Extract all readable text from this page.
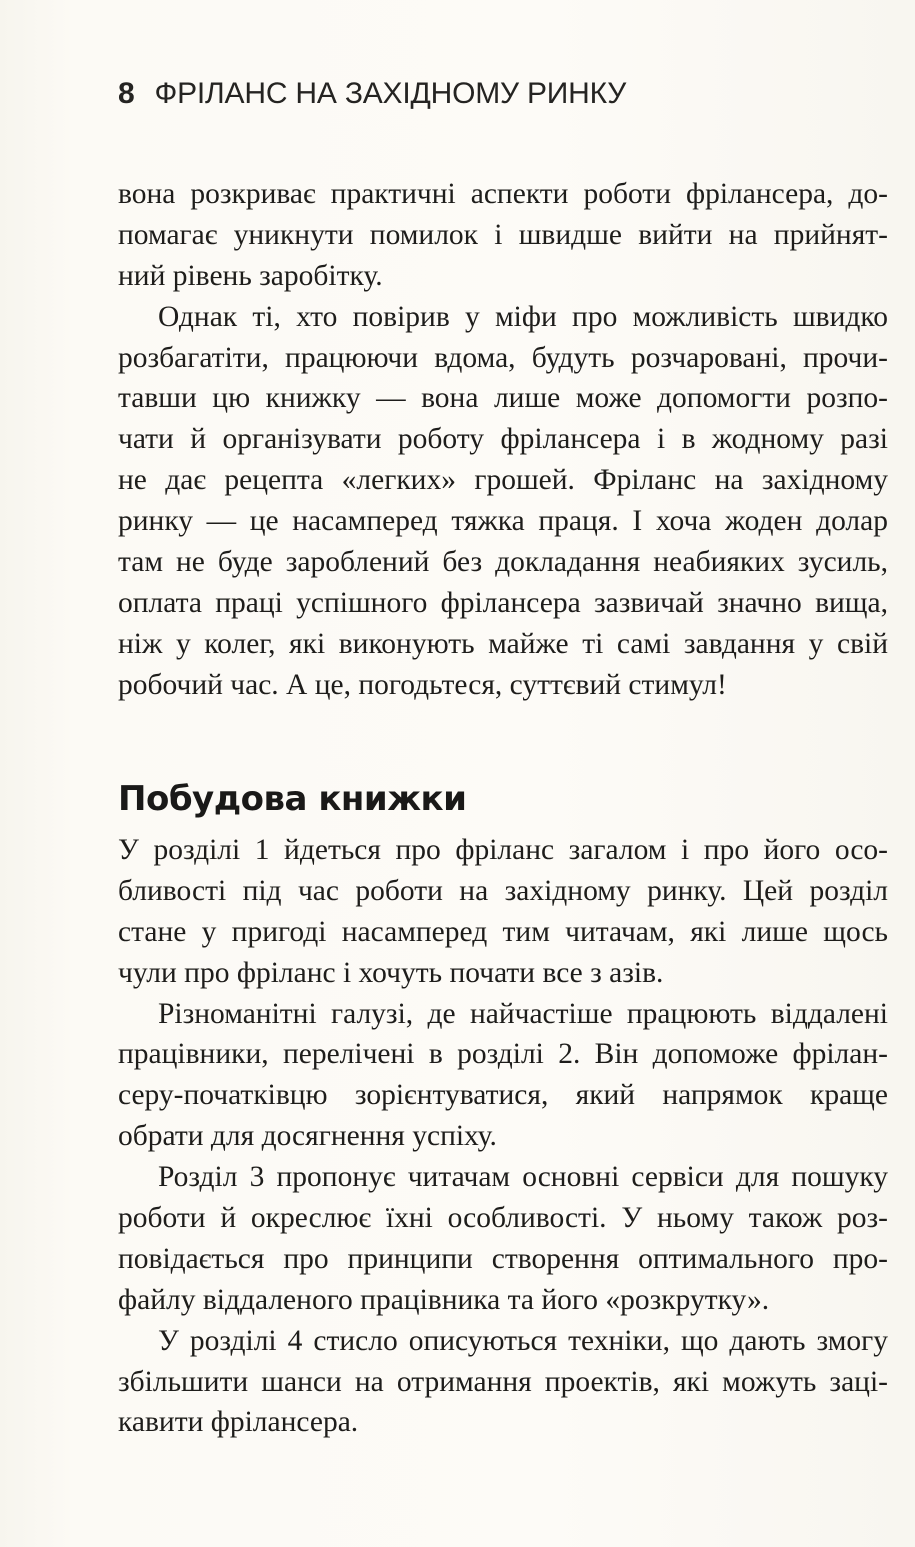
8 ФРІЛАНС НА ЗАХІДНОМУ РИНКУ
вона розкриває практичні аспекти роботи фрілансера, до-
помагає уникнути помилок і швидше вийти на прийнят-
ний рівень заробітку.
Однак ті, хто повірив у міфи про можливість швидко
розбагатіти, працюючи вдома, будуть розчаровані, прочи-
тавши цю книжку — вона лише може допомогти розпо-
чати й організувати роботу фрілансера і в жодному разі
не дає рецепта «легких» грошей. Фріланс на західному
ринку — це насамперед тяжка праця. І хоча жоден долар
там не буде зароблений без докладання неабияких зусиль,
оплата праці успішного фрілансера зазвичай значно вища,
ніж у колег, які виконують майже ті самі завдання у свій
робочий час. А це, погодьтеся, суттєвий стимул!
Побудова книжки
У розділі 1 йдеться про фріланс загалом і про його осо-
бливості під час роботи на західному ринку. Цей розділ
стане у пригоді насамперед тим читачам, які лише щось
чули про фріланс і хочуть почати все з азів.
Різноманітні галузі, де найчастіше працюють віддалені
працівники, перелічені в розділі 2. Він допоможе фрілан-
серу-початківцю зорієнтуватися, який напрямок краще
обрати для досягнення успіху.
Розділ 3 пропонує читачам основні сервіси для пошуку
роботи й окреслює їхні особливості. У ньому також роз-
повідається про принципи створення оптимального про-
файлу віддаленого працівника та його «розкрутку».
У розділі 4 стисло описуються техніки, що дають змогу
збільшити шанси на отримання проектів, які можуть заці-
кавити фрілансера.
